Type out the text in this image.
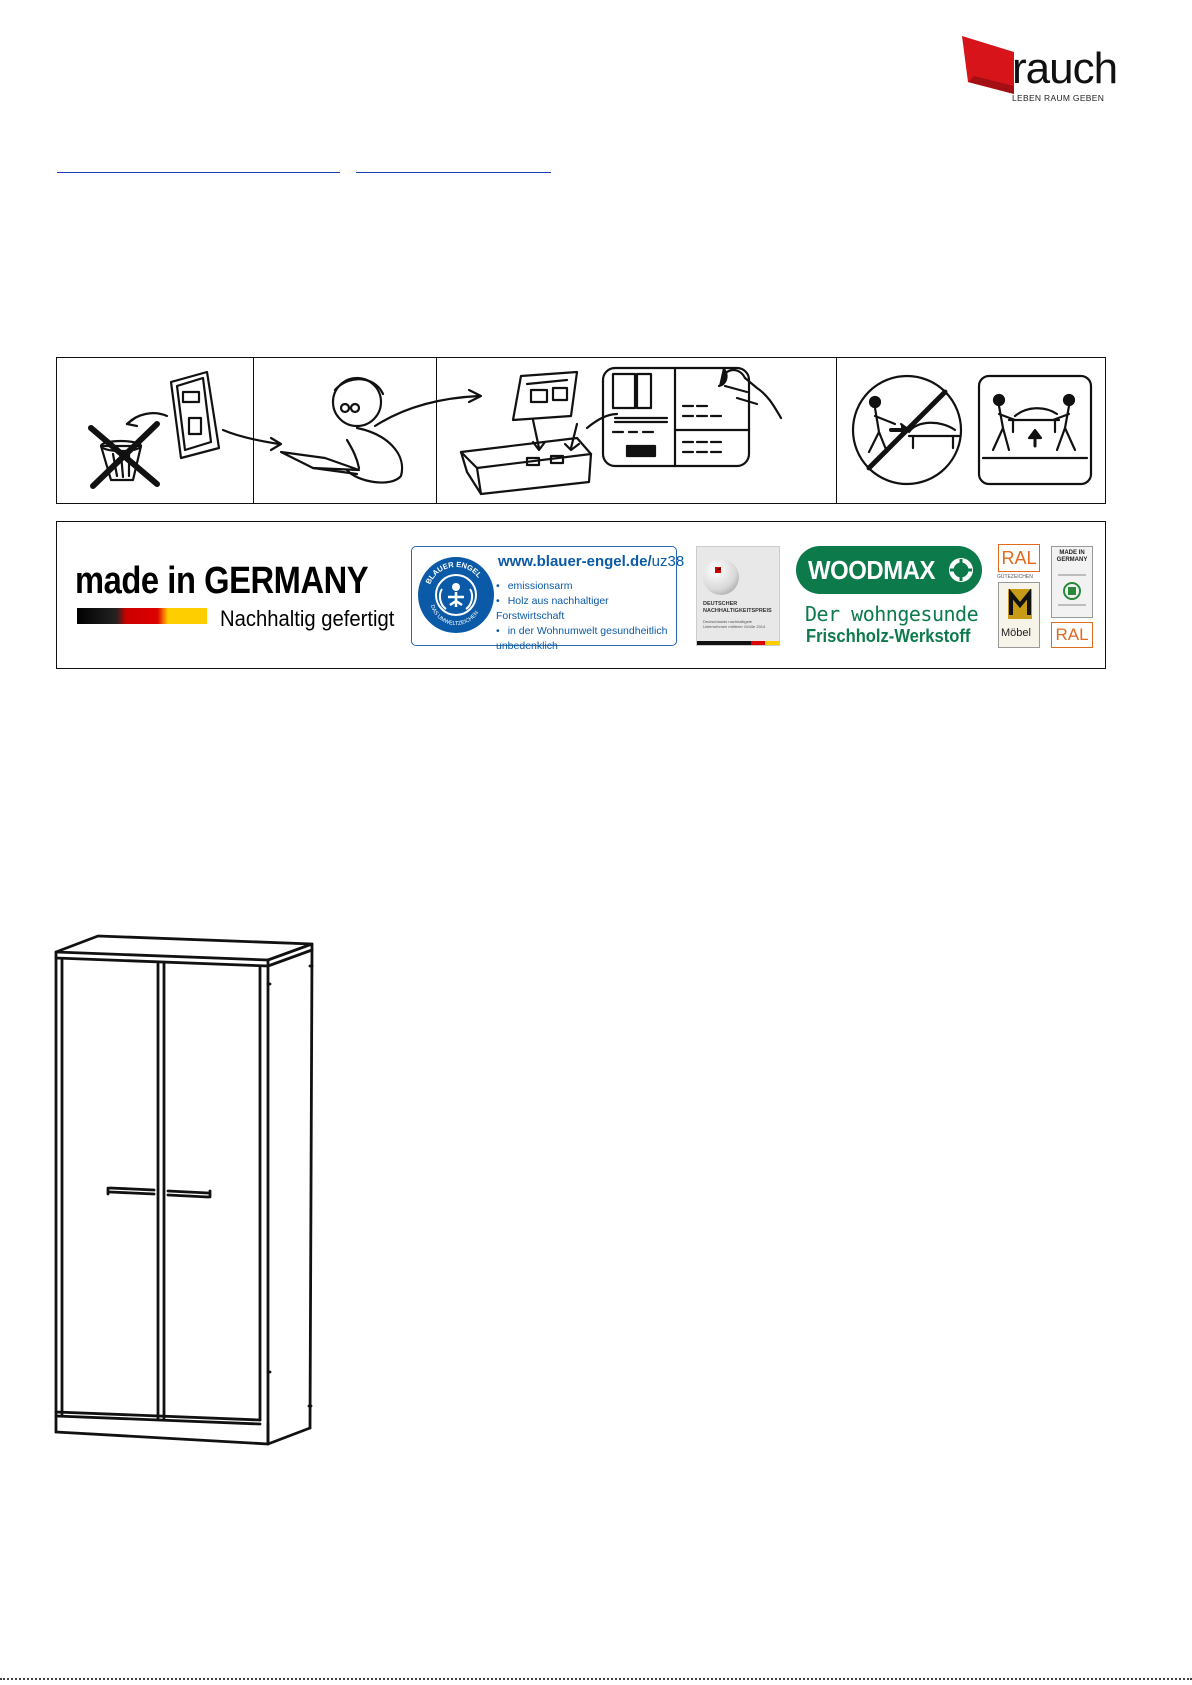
rauch
LEBEN RAUM GEBEN
made in GERMANY
Nachhaltig gefertigt
BLAUER ENGEL
DAS UMWELTZEICHEN
www.blauer-engel.de/uz38
• emissionsarm
• Holz aus nachhaltiger Forstwirtschaft
• in der Wohnumwelt gesundheitlich unbedenklich
DEUTSCHER NACHHALTIGKEITSPREIS
Deutschlands nachhaltigste Unternehmen mittlerer Größe 2014
WOODMAX
Der wohngesunde
Frischholz-Werkstoff
RAL
GÜTEZEICHEN
Möbel
MADE IN GERMANY
RAL
